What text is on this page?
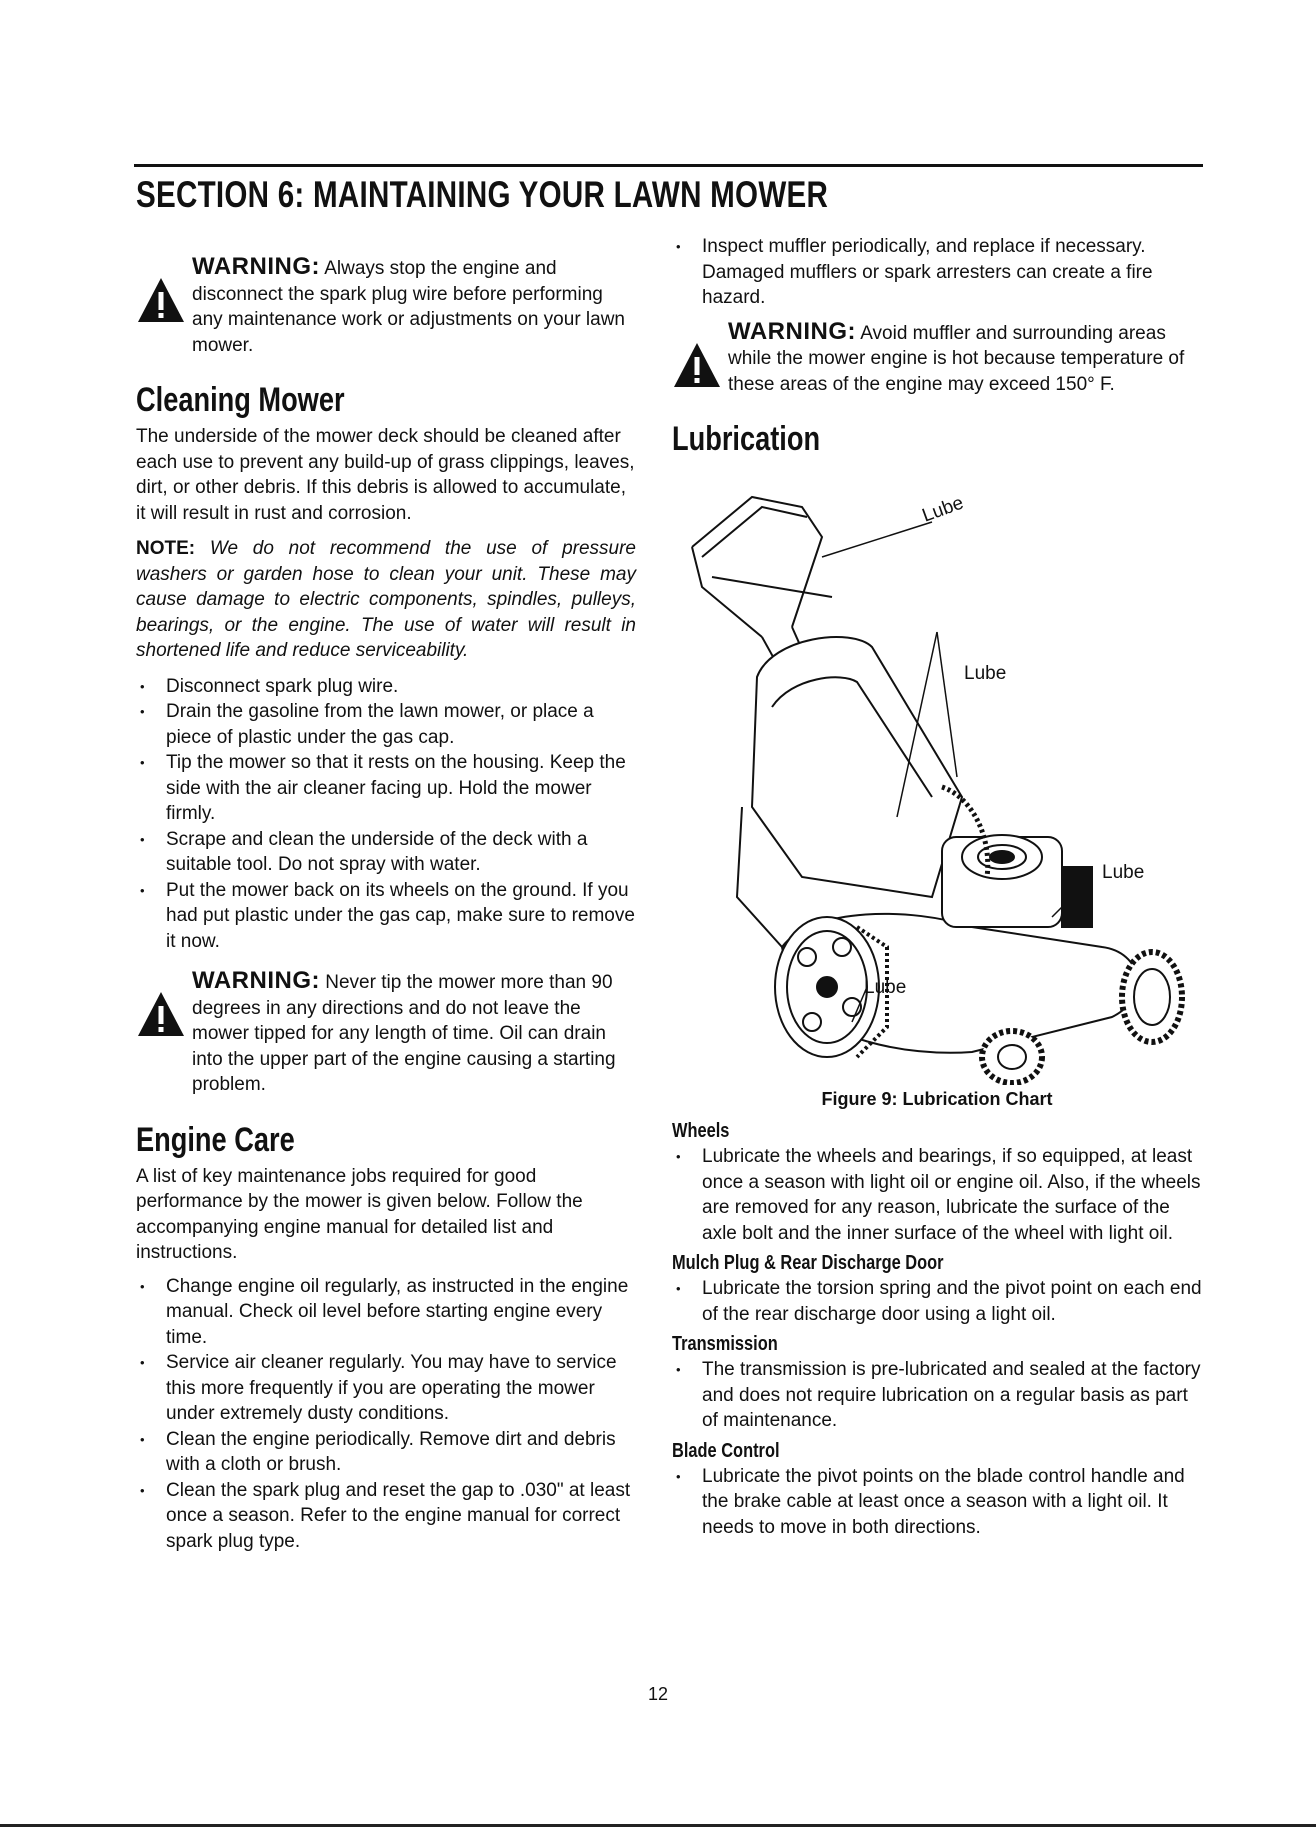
SECTION 6: MAINTAINING YOUR LAWN MOWER

WARNING: Always stop the engine and disconnect the spark plug wire before performing any maintenance work or adjustments on your lawn mower.

Cleaning Mower

The underside of the mower deck should be cleaned after each use to prevent any build-up of grass clippings, leaves, dirt, or other debris. If this debris is allowed to accumulate, it will result in rust and corrosion.

NOTE: We do not recommend the use of pressure washers or garden hose to clean your unit. These may cause damage to electric components, spindles, pulleys, bearings, or the engine. The use of water will result in shortened life and reduce serviceability.

• Disconnect spark plug wire.
• Drain the gasoline from the lawn mower, or place a piece of plastic under the gas cap.
• Tip the mower so that it rests on the housing. Keep the side with the air cleaner facing up. Hold the mower firmly.
• Scrape and clean the underside of the deck with a suitable tool. Do not spray with water.
• Put the mower back on its wheels on the ground. If you had put plastic under the gas cap, make sure to remove it now.

WARNING: Never tip the mower more than 90 degrees in any directions and do not leave the mower tipped for any length of time. Oil can drain into the upper part of the engine causing a starting problem.

Engine Care

A list of key maintenance jobs required for good performance by the mower is given below. Follow the accompanying engine manual for detailed list and instructions.

• Change engine oil regularly, as instructed in the engine manual. Check oil level before starting engine every time.
• Service air cleaner regularly. You may have to service this more frequently if you are operating the mower under extremely dusty conditions.
• Clean the engine periodically. Remove dirt and debris with a cloth or brush.
• Clean the spark plug and reset the gap to .030" at least once a season. Refer to the engine manual for correct spark plug type.
• Inspect muffler periodically, and replace if necessary. Damaged mufflers or spark arresters can create a fire hazard.

WARNING: Avoid muffler and surrounding areas while the mower engine is hot because temperature of these areas of the engine may exceed 150° F.

Lubrication
Lube
Lube
Lube
Lube
Figure 9: Lubrication Chart
Wheels
• Lubricate the wheels and bearings, if so equipped, at least once a season with light oil or engine oil. Also, if the wheels are removed for any reason, lubricate the surface of the axle bolt and the inner surface of the wheel with light oil.
Mulch Plug & Rear Discharge Door
• Lubricate the torsion spring and the pivot point on each end of the rear discharge door using a light oil.
Transmission
• The transmission is pre-lubricated and sealed at the factory and does not require lubrication on a regular basis as part of maintenance.
Blade Control
• Lubricate the pivot points on the blade control handle and the brake cable at least once a season with a light oil. It needs to move in both directions.
12
